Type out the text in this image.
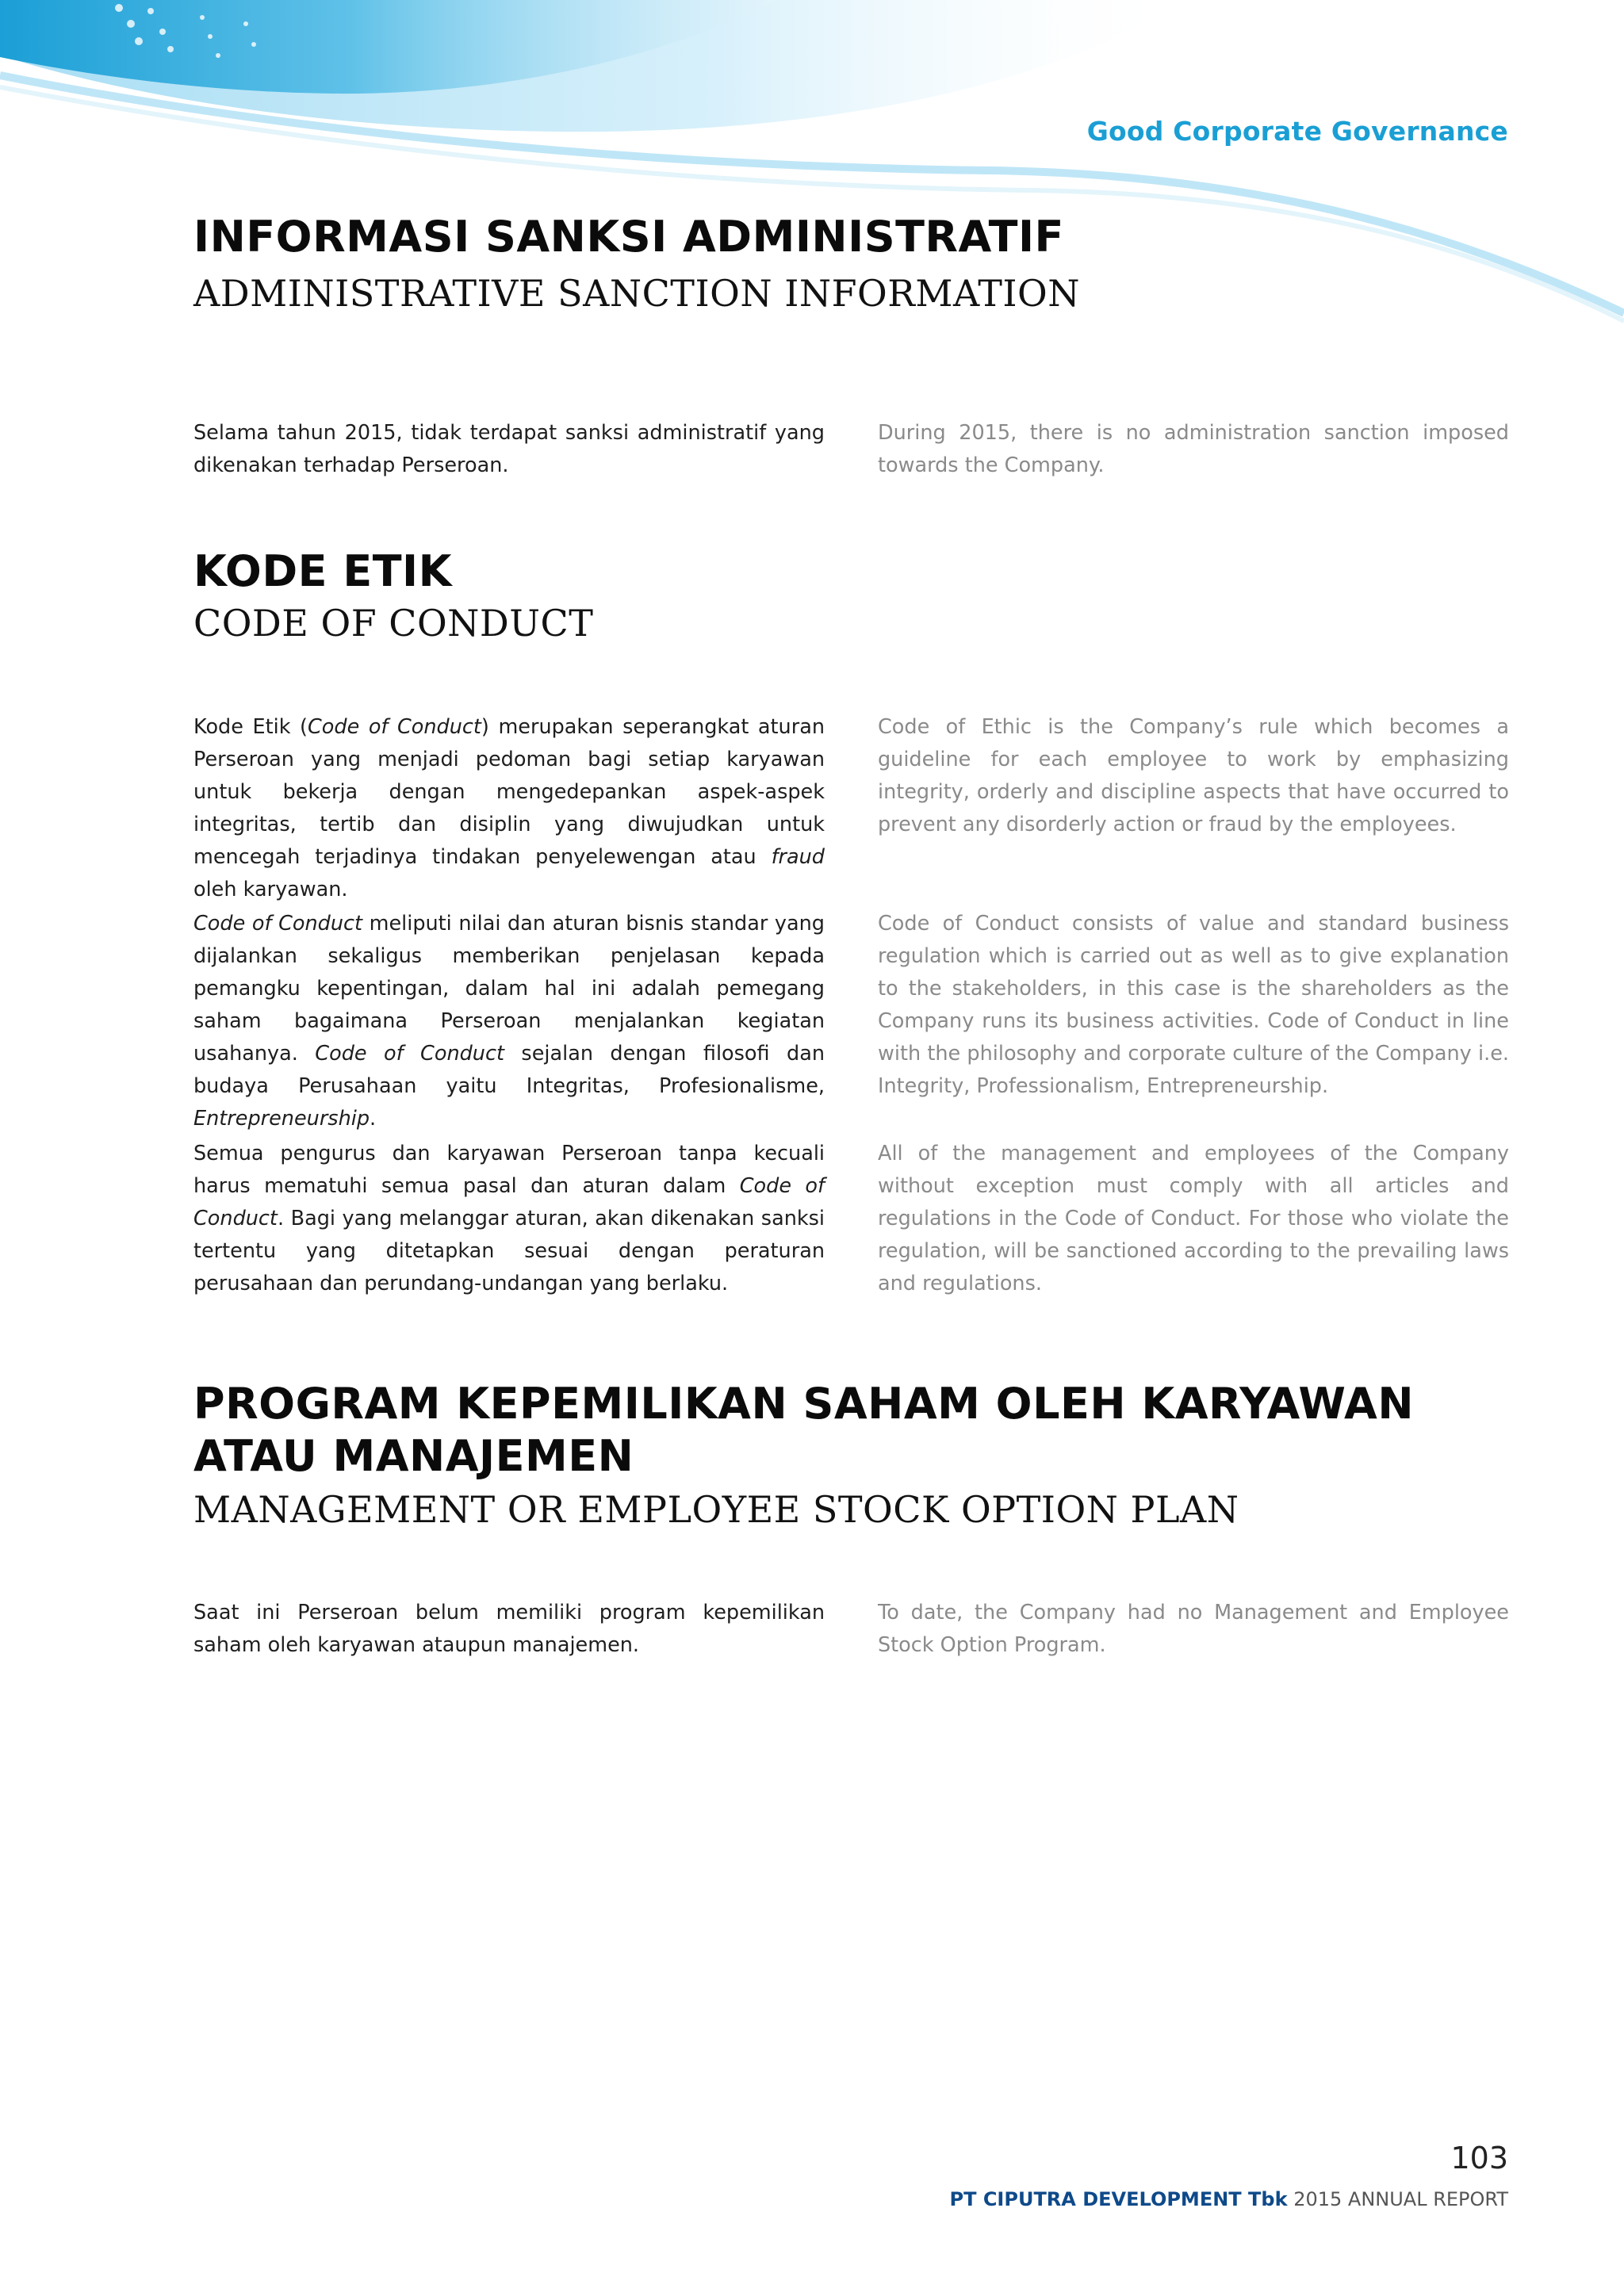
Good Corporate Governance
INFORMASI SANKSI ADMINISTRATIF
ADMINISTRATIVE SANCTION INFORMATION

Selama tahun 2015, tidak terdapat sanksi administratif yang dikenakan terhadap Perseroan.

During 2015, there is no administration sanction imposed towards the Company.

KODE ETIK
CODE OF CONDUCT

Kode Etik (Code of Conduct) merupakan seperangkat aturan Perseroan yang menjadi pedoman bagi setiap karyawan untuk bekerja dengan mengedepankan aspek-aspek integritas, tertib dan disiplin yang diwujudkan untuk mencegah terjadinya tindakan penyelewengan atau fraud oleh karyawan.

Code of Ethic is the Company’s rule which becomes a guideline for each employee to work by emphasizing integrity, orderly and discipline aspects that have occurred to prevent any disorderly action or fraud by the employees.

Code of Conduct meliputi nilai dan aturan bisnis standar yang dijalankan sekaligus memberikan penjelasan kepada pemangku kepentingan, dalam hal ini adalah pemegang saham bagaimana Perseroan menjalankan kegiatan usahanya. Code of Conduct sejalan dengan filosofi dan budaya Perusahaan yaitu Integritas, Profesionalisme, Entrepreneurship.

Code of Conduct consists of value and standard business regulation which is carried out as well as to give explanation to the stakeholders, in this case is the shareholders as the Company runs its business activities. Code of Conduct in line with the philosophy and corporate culture of the Company i.e. Integrity, Professionalism, Entrepreneurship.

Semua pengurus dan karyawan Perseroan tanpa kecuali harus mematuhi semua pasal dan aturan dalam Code of Conduct. Bagi yang melanggar aturan, akan dikenakan sanksi tertentu yang ditetapkan sesuai dengan peraturan perusahaan dan perundang-undangan yang berlaku.

All of the management and employees of the Company without exception must comply with all articles and regulations in the Code of Conduct. For those who violate the regulation, will be sanctioned according to the prevailing laws and regulations.

PROGRAM KEPEMILIKAN SAHAM OLEH KARYAWAN ATAU MANAJEMEN
MANAGEMENT OR EMPLOYEE STOCK OPTION PLAN

Saat ini Perseroan belum memiliki program kepemilikan saham oleh karyawan ataupun manajemen.

To date, the Company had no Management and Employee Stock Option Program.

103
PT CIPUTRA DEVELOPMENT Tbk 2015 ANNUAL REPORT
